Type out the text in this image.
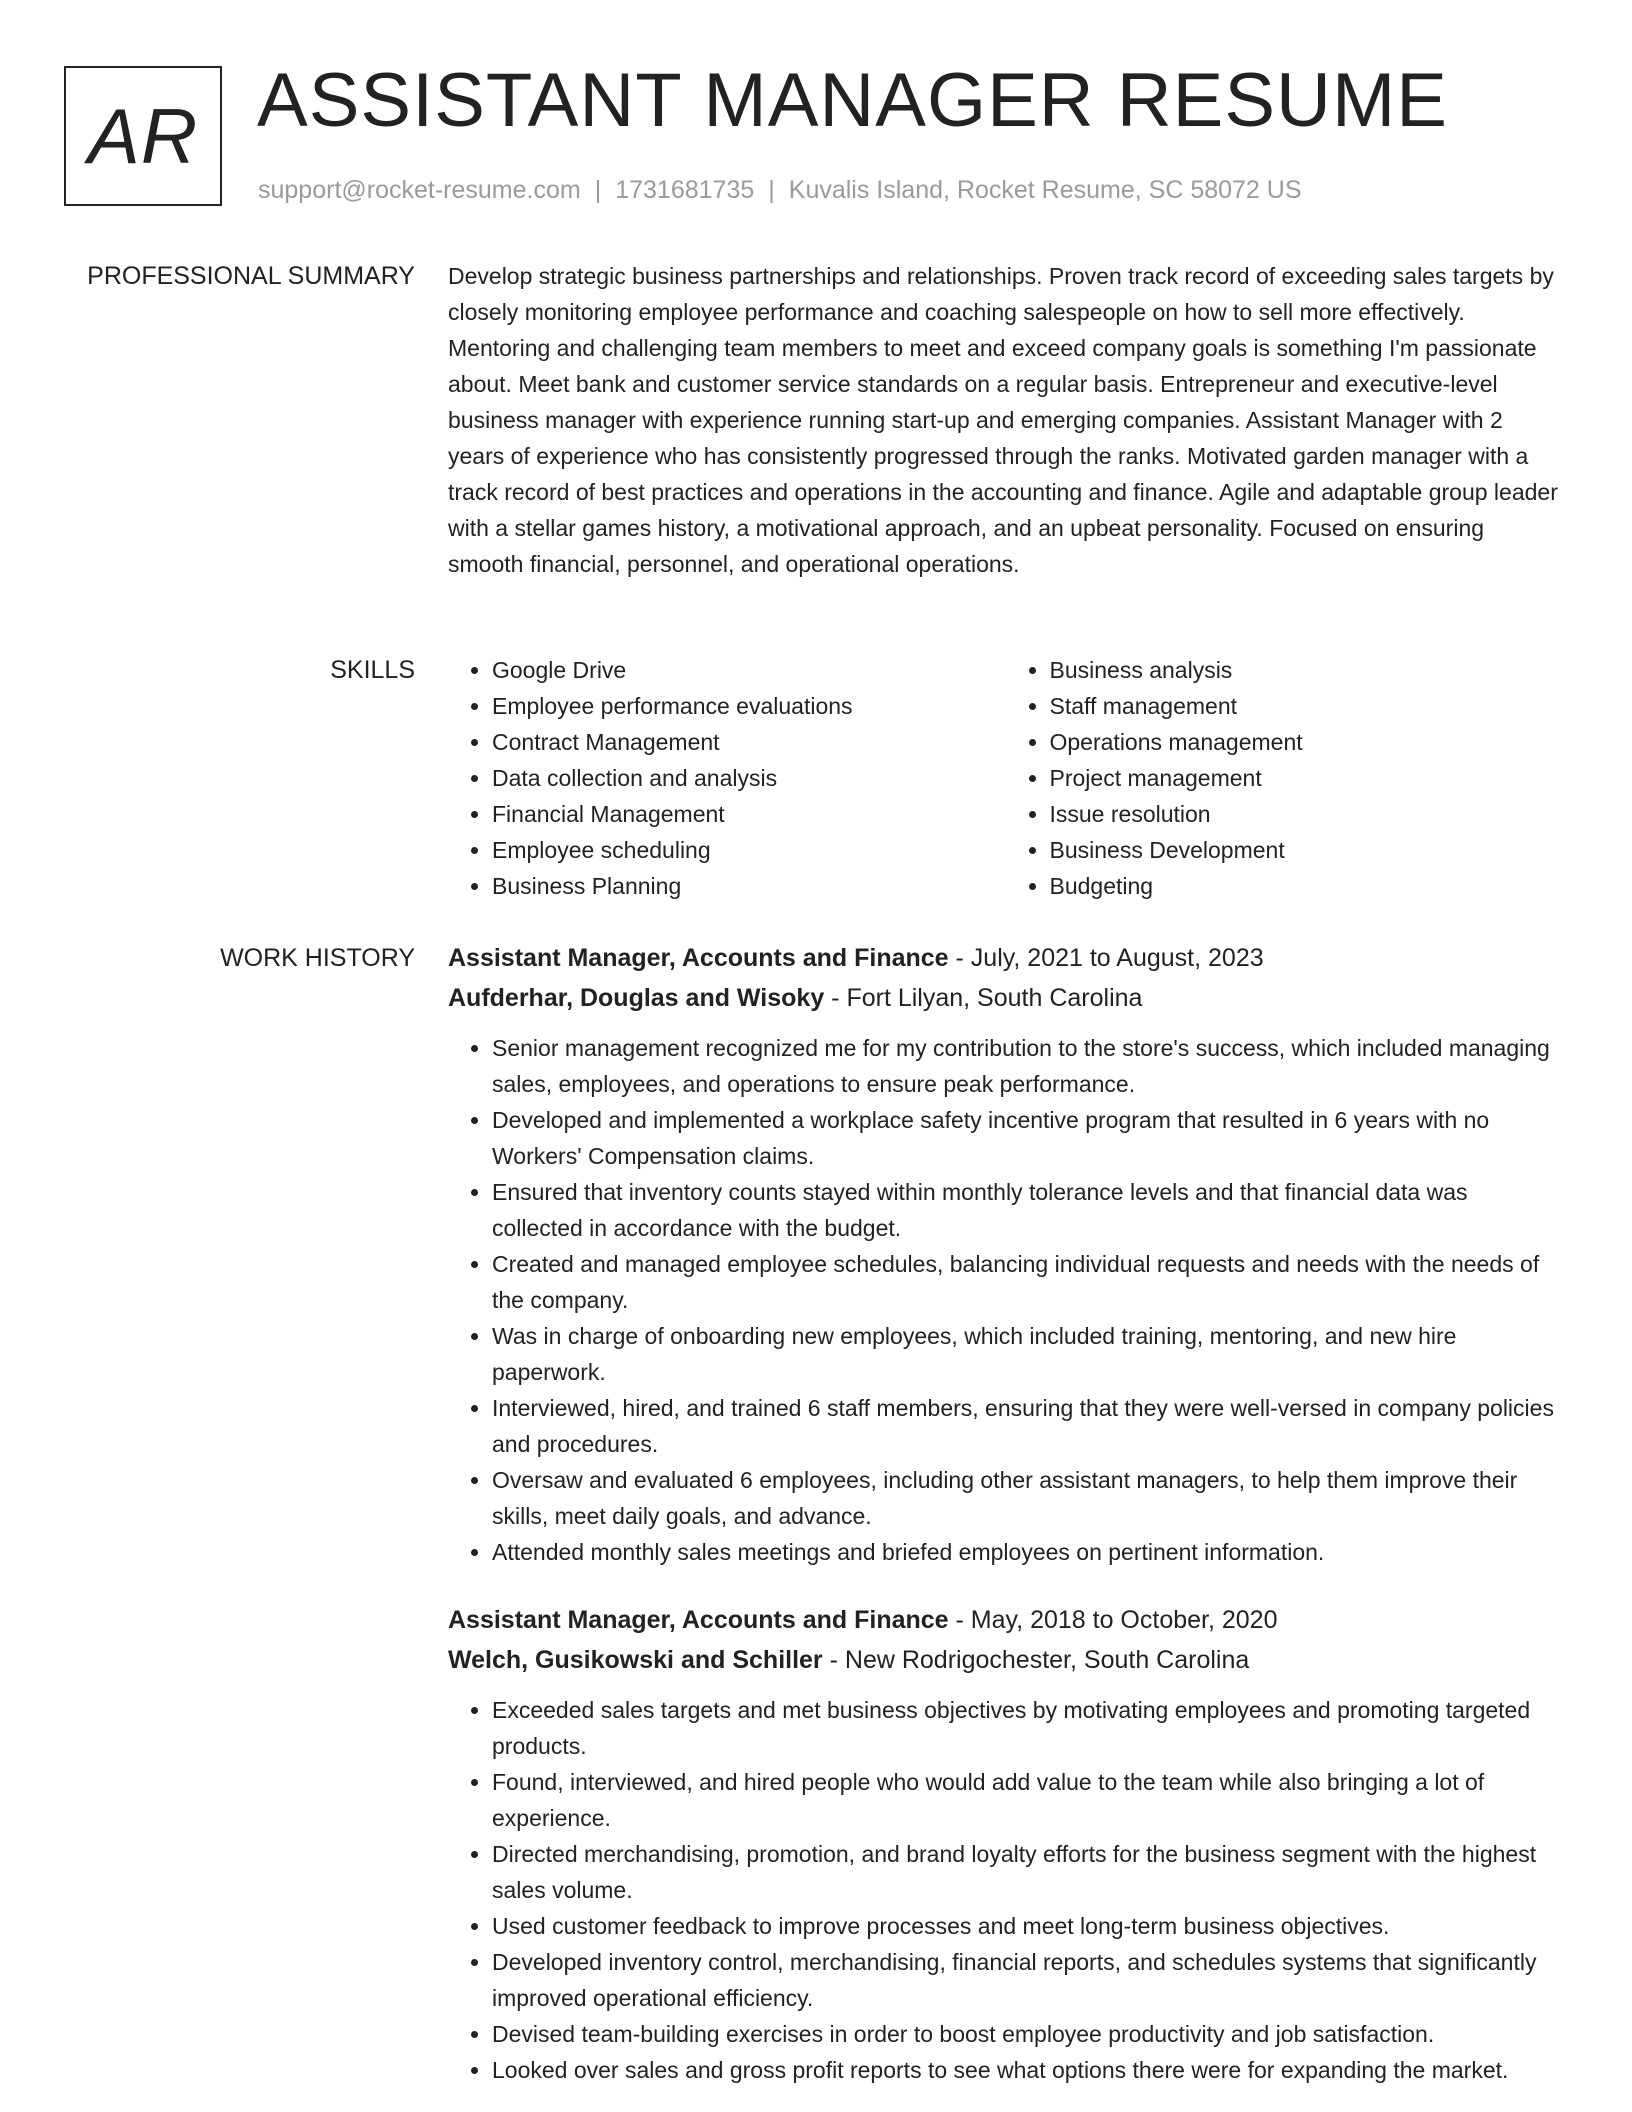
AR ASSISTANT MANAGER RESUME
support@rocket-resume.com | 1731681735 | Kuvalis Island, Rocket Resume, SC 58072 US
PROFESSIONAL SUMMARY Develop strategic business partnerships and relationships. Proven track record of exceeding sales targets by closely monitoring employee performance and coaching salespeople on how to sell more effectively. Mentoring and challenging team members to meet and exceed company goals is something I'm passionate about. Meet bank and customer service standards on a regular basis. Entrepreneur and executive-level business manager with experience running start-up and emerging companies. Assistant Manager with 2 years of experience who has consistently progressed through the ranks. Motivated garden manager with a track record of best practices and operations in the accounting and finance. Agile and adaptable group leader with a stellar games history, a motivational approach, and an upbeat personality. Focused on ensuring smooth financial, personnel, and operational operations.

SKILLS
•	Google Drive
• Employee performance evaluations
• Contract Management
• Data collection and analysis
• Financial Management
• Employee scheduling
• Business Planning
• Business analysis
• Staff management
• Operations management
• Project management
• Issue resolution
• Business Development
• Budgeting
WORK HISTORY Assistant Manager, Accounts and Finance - July, 2021 to August, 2023
Aufderhar, Douglas and Wisoky - Fort Lilyan, South Carolina
• Senior management recognized me for my contribution to the store's success, which included managing sales, employees, and operations to ensure peak performance.
• Developed and implemented a workplace safety incentive program that resulted in 6 years with no Workers' Compensation claims.
• Ensured that inventory counts stayed within monthly tolerance levels and that financial data was collected in accordance with the budget.
• Created and managed employee schedules, balancing individual requests and needs with the needs of the company.
• Was in charge of onboarding new employees, which included training, mentoring, and new hire paperwork.
• Interviewed, hired, and trained 6 staff members, ensuring that they were well-versed in company policies and procedures.
• Oversaw and evaluated 6 employees, including other assistant managers, to help them improve their skills, meet daily goals, and advance.
• Attended monthly sales meetings and briefed employees on pertinent information.
Assistant Manager, Accounts and Finance - May, 2018 to October, 2020
Welch, Gusikowski and Schiller - New Rodrigochester, South Carolina
• Exceeded sales targets and met business objectives by motivating employees and promoting targeted products.
• Found, interviewed, and hired people who would add value to the team while also bringing a lot of experience.
• Directed merchandising, promotion, and brand loyalty efforts for the business segment with the highest sales volume.
• Used customer feedback to improve processes and meet long-term business objectives.
• Developed inventory control, merchandising, financial reports, and schedules systems that significantly improved operational efficiency.
• Devised team-building exercises in order to boost employee productivity and job satisfaction.
• Looked over sales and gross profit reports to see what options there were for expanding the market.
